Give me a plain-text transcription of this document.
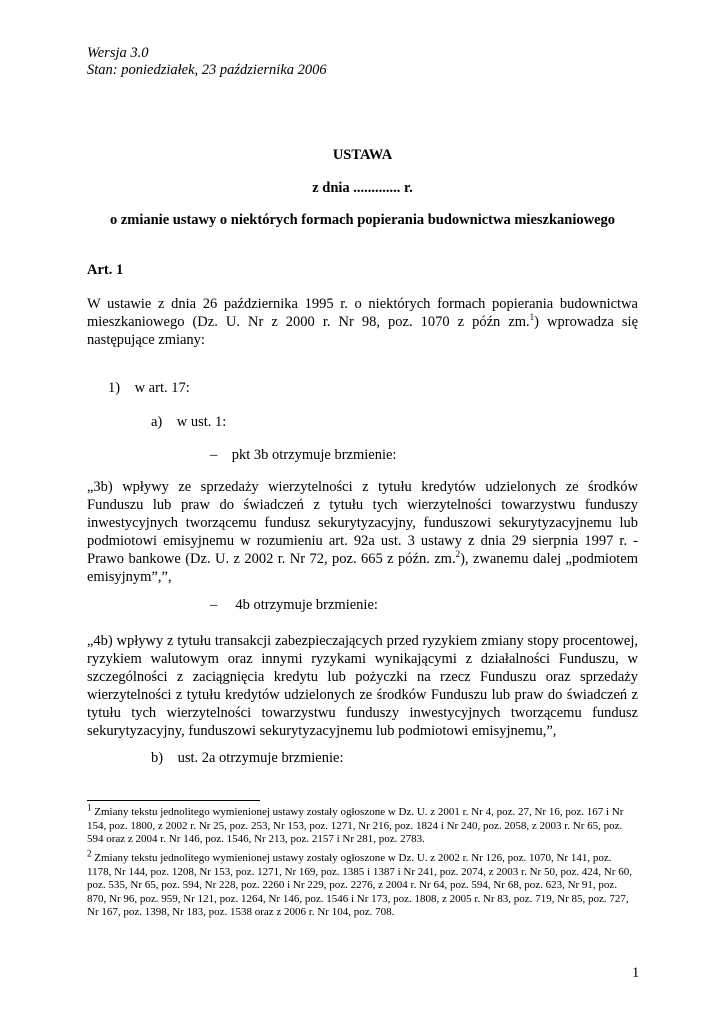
Wersja 3.0
Stan: poniedziałek, 23 października 2006
USTAWA
z dnia ............. r.
o zmianie ustawy o niektórych formach popierania budownictwa mieszkaniowego
Art. 1
W ustawie z dnia 26 października 1995 r. o niektórych formach popierania budownictwa mieszkaniowego (Dz. U. Nr z 2000 r. Nr 98, poz. 1070 z późn zm.$^1$) wprowadza się następujące zmiany:
1) w art. 17:
a) w ust. 1:
– pkt 3b otrzymuje brzmienie:
„3b) wpływy ze sprzedaży wierzytelności z tytułu kredytów udzielonych ze środków Funduszu lub praw do świadczeń z tytułu tych wierzytelności towarzystwu funduszy inwestycyjnych tworzącemu fundusz sekurytyzacyjny, funduszowi sekurytyzacyjnemu lub podmiotowi emisyjnemu w rozumieniu art. 92a ust. 3 ustawy z dnia 29 sierpnia 1997 r. - Prawo bankowe (Dz. U. z 2002 r. Nr 72, poz. 665 z późn. zm.$^2$), zwanemu dalej „podmiotem emisyjnym”,”,
–  4b otrzymuje brzmienie:
„4b) wpływy z tytułu transakcji zabezpieczających przed ryzykiem zmiany stopy procentowej, ryzykiem walutowym oraz innymi ryzykami wynikającymi z działalności Funduszu, w szczególności z zaciągnięcia kredytu lub pożyczki na rzecz Funduszu oraz sprzedaży wierzytelności z tytułu kredytów udzielonych ze środków Funduszu lub praw do świadczeń z tytułu tych wierzytelności towarzystwu funduszy inwestycyjnych tworzącemu fundusz sekurytyzacyjny, funduszowi sekurytyzacyjnemu lub podmiotowi emisyjnemu,”,
b) ust. 2a otrzymuje brzmienie:
$^1$ Zmiany tekstu jednolitego wymienionej ustawy zostały ogłoszone w Dz. U. z 2001 r. Nr 4, poz. 27, Nr 16, poz. 167 i Nr 154, poz. 1800, z 2002 r. Nr 25, poz. 253, Nr 153, poz. 1271, Nr 216, poz. 1824 i Nr 240, poz. 2058, z 2003 r. Nr 65, poz. 594 oraz z 2004 r. Nr 146, poz. 1546, Nr 213, poz. 2157 i Nr 281, poz. 2783.
$^2$ Zmiany tekstu jednolitego wymienionej ustawy zostały ogłoszone w Dz. U. z 2002 r. Nr 126, poz. 1070, Nr 141, poz. 1178, Nr 144, poz. 1208, Nr 153, poz. 1271, Nr 169, poz. 1385 i 1387 i Nr 241, poz. 2074, z 2003 r. Nr 50, poz. 424, Nr 60, poz. 535, Nr 65, poz. 594, Nr 228, poz. 2260 i Nr 229, poz. 2276, z 2004 r. Nr 64, poz. 594, Nr 68, poz. 623, Nr 91, poz. 870, Nr 96, poz. 959, Nr 121, poz. 1264, Nr 146, poz. 1546 i Nr 173, poz. 1808, z 2005 r. Nr 83, poz. 719, Nr 85, poz. 727, Nr 167, poz. 1398, Nr 183, poz. 1538 oraz z 2006 r. Nr 104, poz. 708.
1
